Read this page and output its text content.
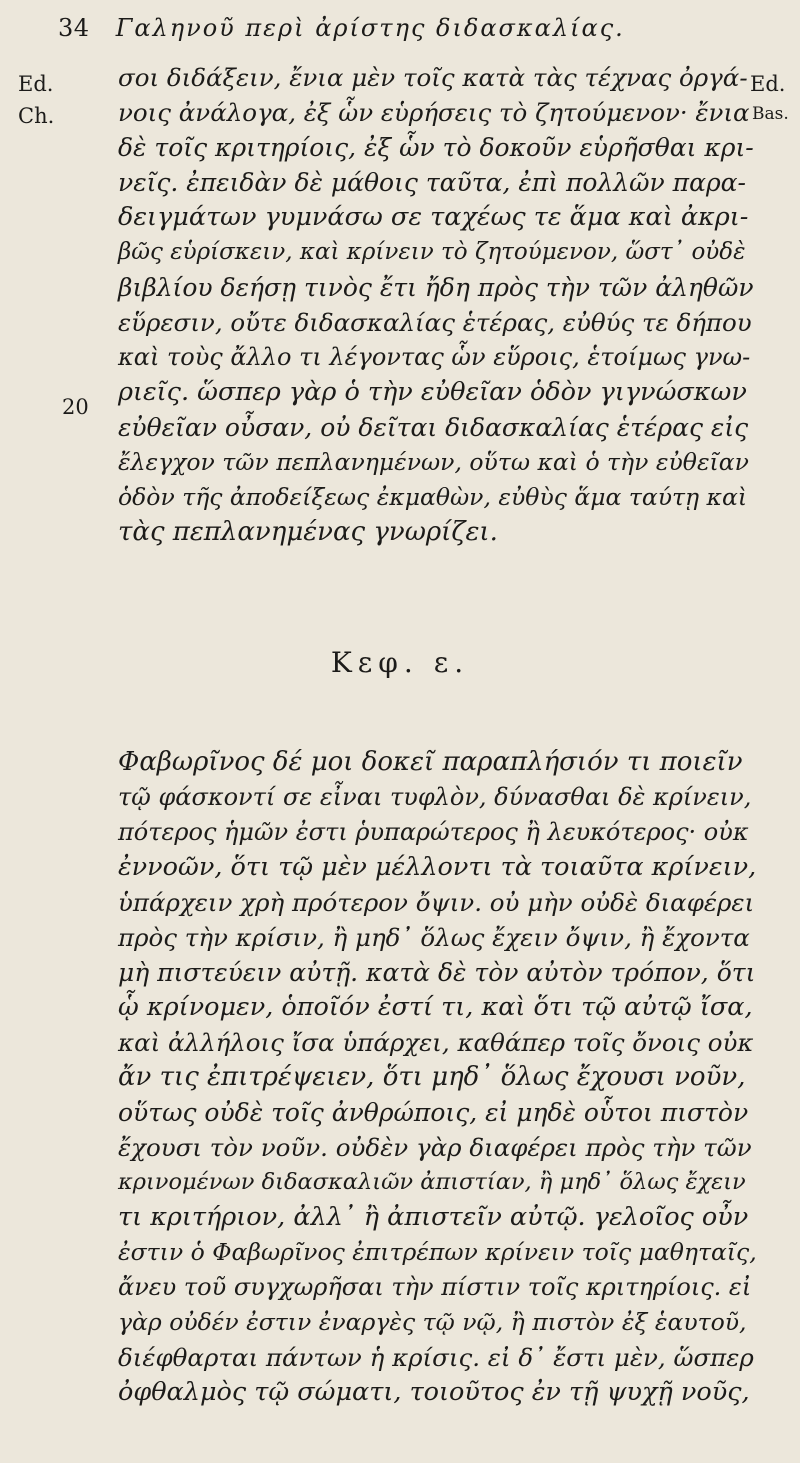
34 Γαληνοῦ περὶ ἀρίστης διδασκαλίας.
Ed.
Ch.
Ed.
Bas.
20
σοι διδάξειν, ἔνια μὲν τοῖς κατὰ τὰς τέχνας ὀργά-
νοις ἀνάλογα, ἐξ ὧν εὑρήσεις τὸ ζητούμενον· ἔνια
δὲ τοῖς κριτηρίοις, ἐξ ὧν τὸ δοκοῦν εὑρῆσθαι κρι-
νεῖς. ἐπειδὰν δὲ μάθοις ταῦτα, ἐπὶ πολλῶν παρα-
δειγμάτων γυμνάσω σε ταχέως τε ἅμα καὶ ἀκρι-
βῶς εὑρίσκειν, καὶ κρίνειν τὸ ζητούμενον, ὥστ᾽ οὐδὲ
βιβλίου δεήσῃ τινὸς ἔτι ἤδη πρὸς τὴν τῶν ἀληθῶν
εὕρεσιν, οὔτε διδασκαλίας ἑτέρας, εὐθύς τε δήπου
καὶ τοὺς ἄλλο τι λέγοντας ὧν εὕροις, ἑτοίμως γνω-
ριεῖς. ὥσπερ γὰρ ὁ τὴν εὐθεῖαν ὁδὸν γιγνώσκων
εὐθεῖαν οὖσαν, οὐ δεῖται διδασκαλίας ἑτέρας εἰς
ἔλεγχον τῶν πεπλανημένων, οὕτω καὶ ὁ τὴν εὐθεῖαν
ὁδὸν τῆς ἀποδείξεως ἐκμαθὼν, εὐθὺς ἅμα ταύτῃ καὶ
τὰς πεπλανημένας γνωρίζει.
Κεφ. ε.
Φαβωρῖνος δέ μοι δοκεῖ παραπλήσιόν τι ποιεῖν
τῷ φάσκοντί σε εἶναι τυφλὸν, δύνασθαι δὲ κρίνειν,
πότερος ἡμῶν ἐστι ῥυπαρώτερος ἢ λευκότερος· οὐκ
ἐννοῶν, ὅτι τῷ μὲν μέλλοντι τὰ τοιαῦτα κρίνειν,
ὑπάρχειν χρὴ πρότερον ὄψιν. οὐ μὴν οὐδὲ διαφέρει
πρὸς τὴν κρίσιν, ἢ μηδ᾽ ὅλως ἔχειν ὄψιν, ἢ ἔχοντα
μὴ πιστεύειν αὐτῇ. κατὰ δὲ τὸν αὐτὸν τρόπον, ὅτι
ᾧ κρίνομεν, ὁποῖόν ἐστί τι, καὶ ὅτι τῷ αὐτῷ ἴσα,
καὶ ἀλλήλοις ἴσα ὑπάρχει, καθάπερ τοῖς ὄνοις οὐκ
ἄν τις ἐπιτρέψειεν, ὅτι μηδ᾽ ὅλως ἔχουσι νοῦν,
οὕτως οὐδὲ τοῖς ἀνθρώποις, εἰ μηδὲ οὗτοι πιστὸν
ἔχουσι τὸν νοῦν. οὐδὲν γὰρ διαφέρει πρὸς τὴν τῶν
κρινομένων διδασκαλιῶν ἀπιστίαν, ἢ μηδ᾽ ὅλως ἔχειν
τι κριτήριον, ἀλλ᾽ ἢ ἀπιστεῖν αὐτῷ. γελοῖος οὖν
ἐστιν ὁ Φαβωρῖνος ἐπιτρέπων κρίνειν τοῖς μαθηταῖς,
ἄνευ τοῦ συγχωρῆσαι τὴν πίστιν τοῖς κριτηρίοις. εἰ
γὰρ οὐδέν ἐστιν ἐναργὲς τῷ νῷ, ἢ πιστὸν ἐξ ἑαυτοῦ,
διέφθαρται πάντων ἡ κρίσις. εἰ δ᾽ ἔστι μὲν, ὥσπερ
ὀφθαλμὸς τῷ σώματι, τοιοῦτος ἐν τῇ ψυχῇ νοῦς,
